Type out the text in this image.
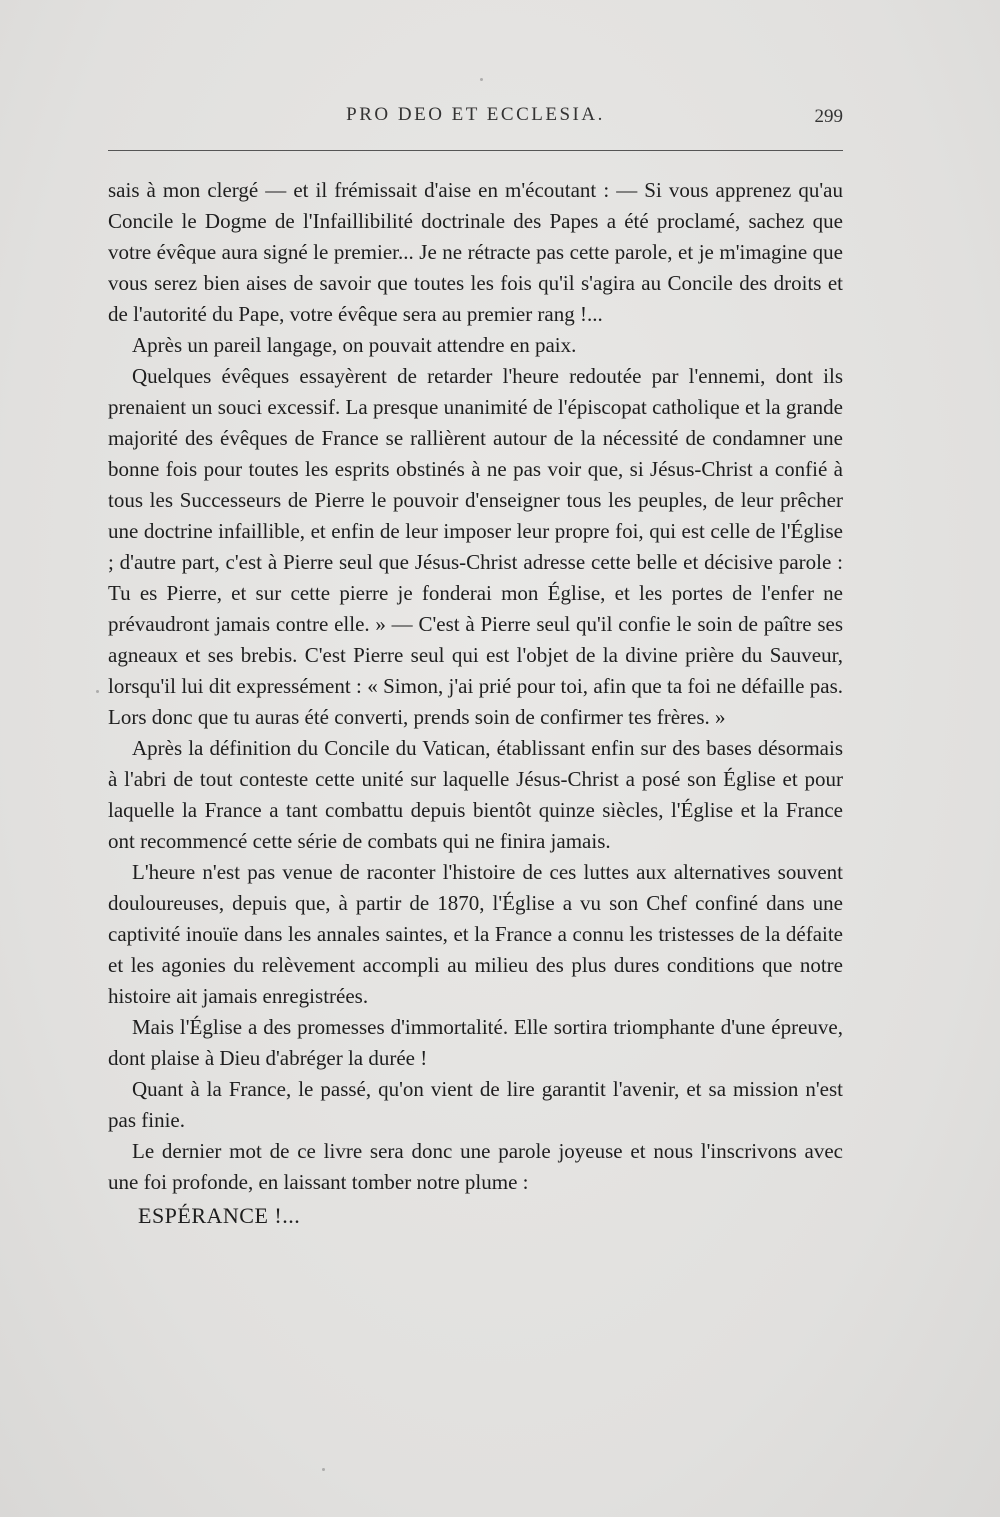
PRO DEO ET ECCLESIA.	299

sais à mon clergé — et il frémissait d'aise en m'écoutant : — Si vous apprenez qu'au Concile le Dogme de l'Infaillibilité doctrinale des Papes a été proclamé, sachez que votre évêque aura signé le premier... Je ne rétracte pas cette parole, et je m'imagine que vous serez bien aises de savoir que toutes les fois qu'il s'agira au Concile des droits et de l'autorité du Pape, votre évêque sera au premier rang !...

Après un pareil langage, on pouvait attendre en paix.

Quelques évêques essayèrent de retarder l'heure redoutée par l'ennemi, dont ils prenaient un souci excessif. La presque unanimité de l'épiscopat catholique et la grande majorité des évêques de France se rallièrent autour de la nécessité de condamner une bonne fois pour toutes les esprits obstinés à ne pas voir que, si Jésus-Christ a confié à tous les Successeurs de Pierre le pouvoir d'enseigner tous les peuples, de leur prêcher une doctrine infaillible, et enfin de leur imposer leur propre foi, qui est celle de l'Église ; d'autre part, c'est à Pierre seul que Jésus-Christ adresse cette belle et décisive parole : Tu es Pierre, et sur cette pierre je fonderai mon Église, et les portes de l'enfer ne prévaudront jamais contre elle. » — C'est à Pierre seul qu'il confie le soin de paître ses agneaux et ses brebis. C'est Pierre seul qui est l'objet de la divine prière du Sauveur, lorsqu'il lui dit expressément : « Simon, j'ai prié pour toi, afin que ta foi ne défaille pas. Lors donc que tu auras été converti, prends soin de confirmer tes frères. »

Après la définition du Concile du Vatican, établissant enfin sur des bases désormais à l'abri de tout conteste cette unité sur laquelle Jésus-Christ a posé son Église et pour laquelle la France a tant combattu depuis bientôt quinze siècles, l'Église et la France ont recommencé cette série de combats qui ne finira jamais.

L'heure n'est pas venue de raconter l'histoire de ces luttes aux alternatives souvent douloureuses, depuis que, à partir de 1870, l'Église a vu son Chef confiné dans une captivité inouïe dans les annales saintes, et la France a connu les tristesses de la défaite et les agonies du relèvement accompli au milieu des plus dures conditions que notre histoire ait jamais enregistrées.

Mais l'Église a des promesses d'immortalité. Elle sortira triomphante d'une épreuve, dont plaise à Dieu d'abréger la durée !

Quant à la France, le passé, qu'on vient de lire garantit l'avenir, et sa mission n'est pas finie.

Le dernier mot de ce livre sera donc une parole joyeuse et nous l'inscrivons avec une foi profonde, en laissant tomber notre plume :

ESPÉRANCE !...
